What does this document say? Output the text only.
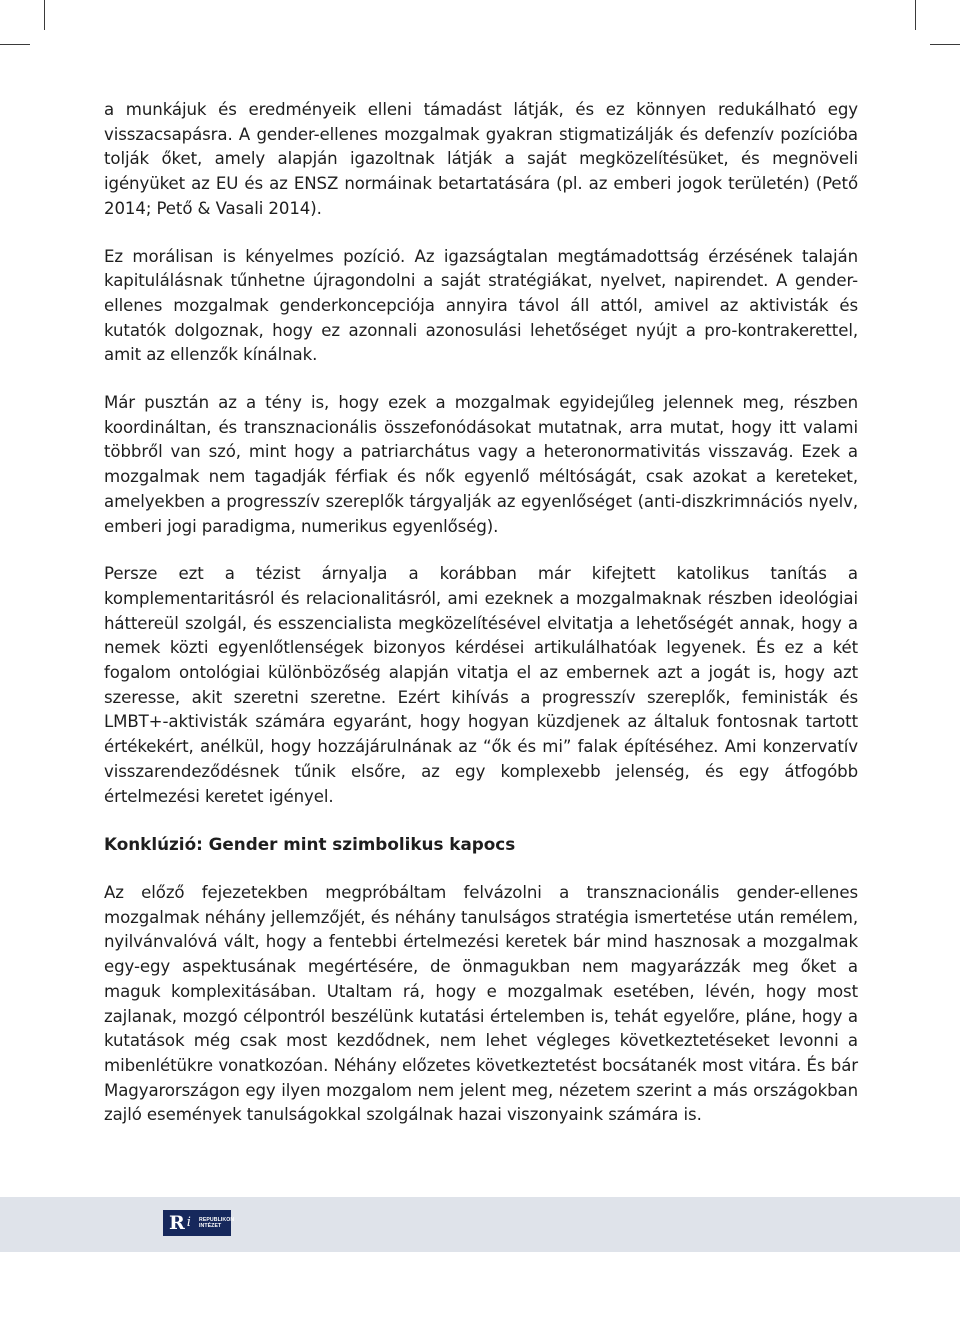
a munkájuk és eredményeik elleni támadást látják, és ez könnyen redukálható egy visszacsapásra. A gender-ellenes mozgalmak gyakran stigmatizálják és defenzív pozícióba tolják őket, amely alapján igazoltnak látják a saját megközelítésüket, és megnöveli igényüket az EU és az ENSZ normáinak betartatására (pl. az emberi jogok területén) (Pető 2014; Pető & Vasali 2014).

Ez morálisan is kényelmes pozíció. Az igazságtalan megtámadottság érzésének talaján kapitulálásnak tűnhetne újragondolni a saját stratégiákat, nyelvet, napirendet. A gender-ellenes mozgalmak genderkoncepciója annyira távol áll attól, amivel az aktivisták és kutatók dolgoznak, hogy ez azonnali azonosulási lehetőséget nyújt a pro-kontrakerettel, amit az ellenzők kínálnak.

Már pusztán az a tény is, hogy ezek a mozgalmak egyidejűleg jelennek meg, részben koordináltan, és transznacionális összefonódásokat mutatnak, arra mutat, hogy itt valami többről van szó, mint hogy a patriarchátus vagy a heteronormativitás visszavág. Ezek a mozgalmak nem tagadják férfiak és nők egyenlő méltóságát, csak azokat a kereteket, amelyekben a progresszív szereplők tárgyalják az egyenlőséget (anti-diszkrimnációs nyelv, emberi jogi paradigma, numerikus egyenlőség).

Persze ezt a tézist árnyalja a korábban már kifejtett katolikus tanítás a komplementaritásról és relacionalitásról, ami ezeknek a mozgalmaknak részben ideológiai háttereül szolgál, és esszencialista megközelítésével elvitatja a lehetőségét annak, hogy a nemek közti egyenlőtlenségek bizonyos kérdései artikulálhatóak legyenek. És ez a két fogalom ontológiai különbözőség alapján vitatja el az embernek azt a jogát is, hogy azt szeresse, akit szeretni szeretne. Ezért kihívás a progresszív szereplők, feministák és LMBT+-aktivisták számára egyaránt, hogy hogyan küzdjenek az általuk fontosnak tartott értékekért, anélkül, hogy hozzájárulnának az “ők és mi” falak építéséhez. Ami konzervatív visszarendeződésnek tűnik elsőre, az egy komplexebb jelenség, és egy átfogóbb értelmezési keretet igényel.

Konklúzió: Gender mint szimbolikus kapocs

Az előző fejezetekben megpróbáltam felvázolni a transznacionális gender-ellenes mozgalmak néhány jellemzőjét, és néhány tanulságos stratégia ismertetése után remélem, nyilvánvalóvá vált, hogy a fentebbi értelmezési keretek bár mind hasznosak a mozgalmak egy-egy aspektusának megértésére, de önmagukban nem magyarázzák meg őket a maguk komplexitásában. Utaltam rá, hogy e mozgalmak esetében, lévén, hogy most zajlanak, mozgó célpontról beszélünk kutatási értelemben is, tehát egyelőre, pláne, hogy a kutatások még csak most kezdődnek, nem lehet végleges következtetéseket levonni a mibenlétükre vonatkozóan. Néhány előzetes következtetést bocsátanék most vitára. És bár Magyarországon egy ilyen mozgalom nem jelent meg, nézetem szerint a más országokban zajló események tanulságokkal szolgálnak hazai viszonyaink számára is.

R i REPUBLIKON
INTÉZET
